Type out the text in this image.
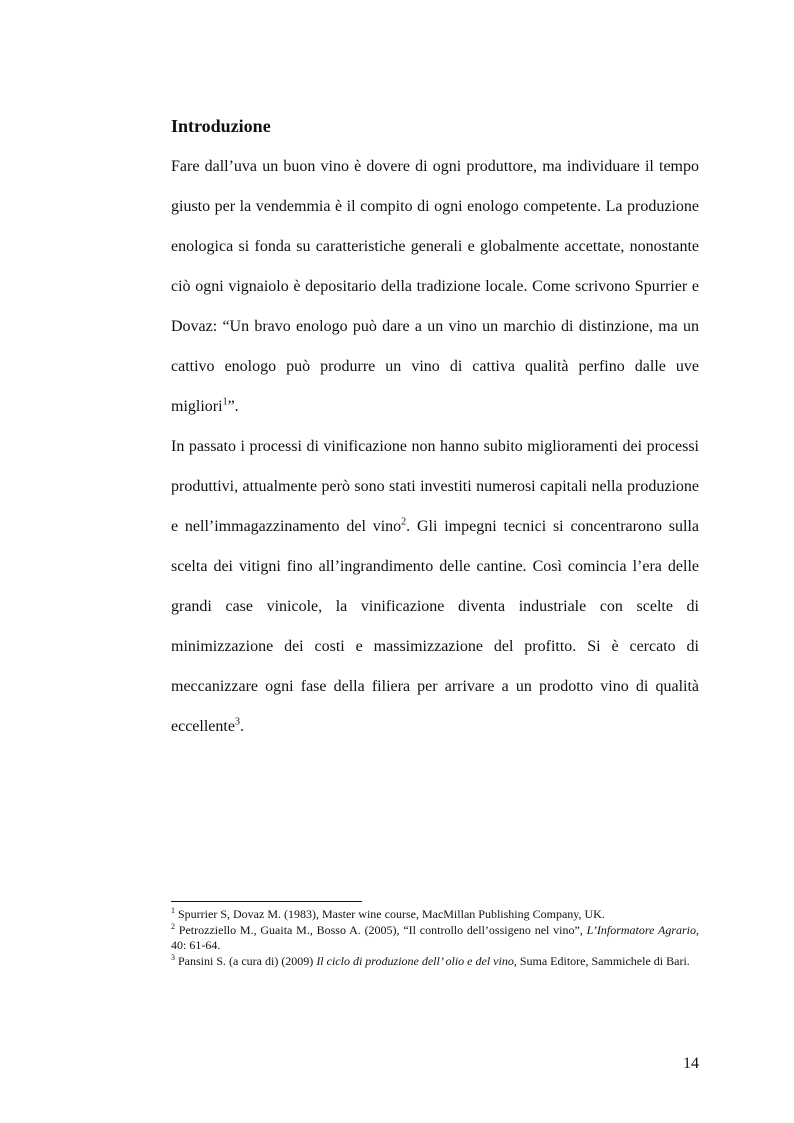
Introduzione

Fare dall’uva un buon vino è dovere di ogni produttore, ma individuare il tempo giusto per la vendemmia è il compito di ogni enologo competente. La produzione enologica si fonda su caratteristiche generali e globalmente accettate, nonostante ciò ogni vignaiolo è depositario della tradizione locale. Come scrivono Spurrier e Dovaz: “Un bravo enologo può dare a un vino un marchio di distinzione, ma un cattivo enologo può produrre un vino di cattiva qualità perfino dalle uve migliori$^1$”.

In passato i processi di vinificazione non hanno subito miglioramenti dei processi produttivi, attualmente però sono stati investiti numerosi capitali nella produzione e nell’immagazzinamento del vino$^2$. Gli impegni tecnici si concentrarono sulla scelta dei vitigni fino all’ingrandimento delle cantine. Così comincia l’era delle grandi case vinicole, la vinificazione diventa industriale con scelte di minimizzazione dei costi e massimizzazione del profitto. Si è cercato di meccanizzare ogni fase della filiera per arrivare a un prodotto vino di qualità eccellente$^3$.

$^1$ Spurrier S, Dovaz M. (1983), Master wine course, MacMillan Publishing Company, UK.

$^2$ Petrozziello M., Guaita M., Bosso A. (2005), “Il controllo dell’ossigeno nel vino”, L’Informatore Agrario, 40: 61-64.

$^3$ Pansini S. (a cura di) (2009) Il ciclo di produzione dell’ olio e del vino, Suma Editore, Sammichele di Bari.

14
